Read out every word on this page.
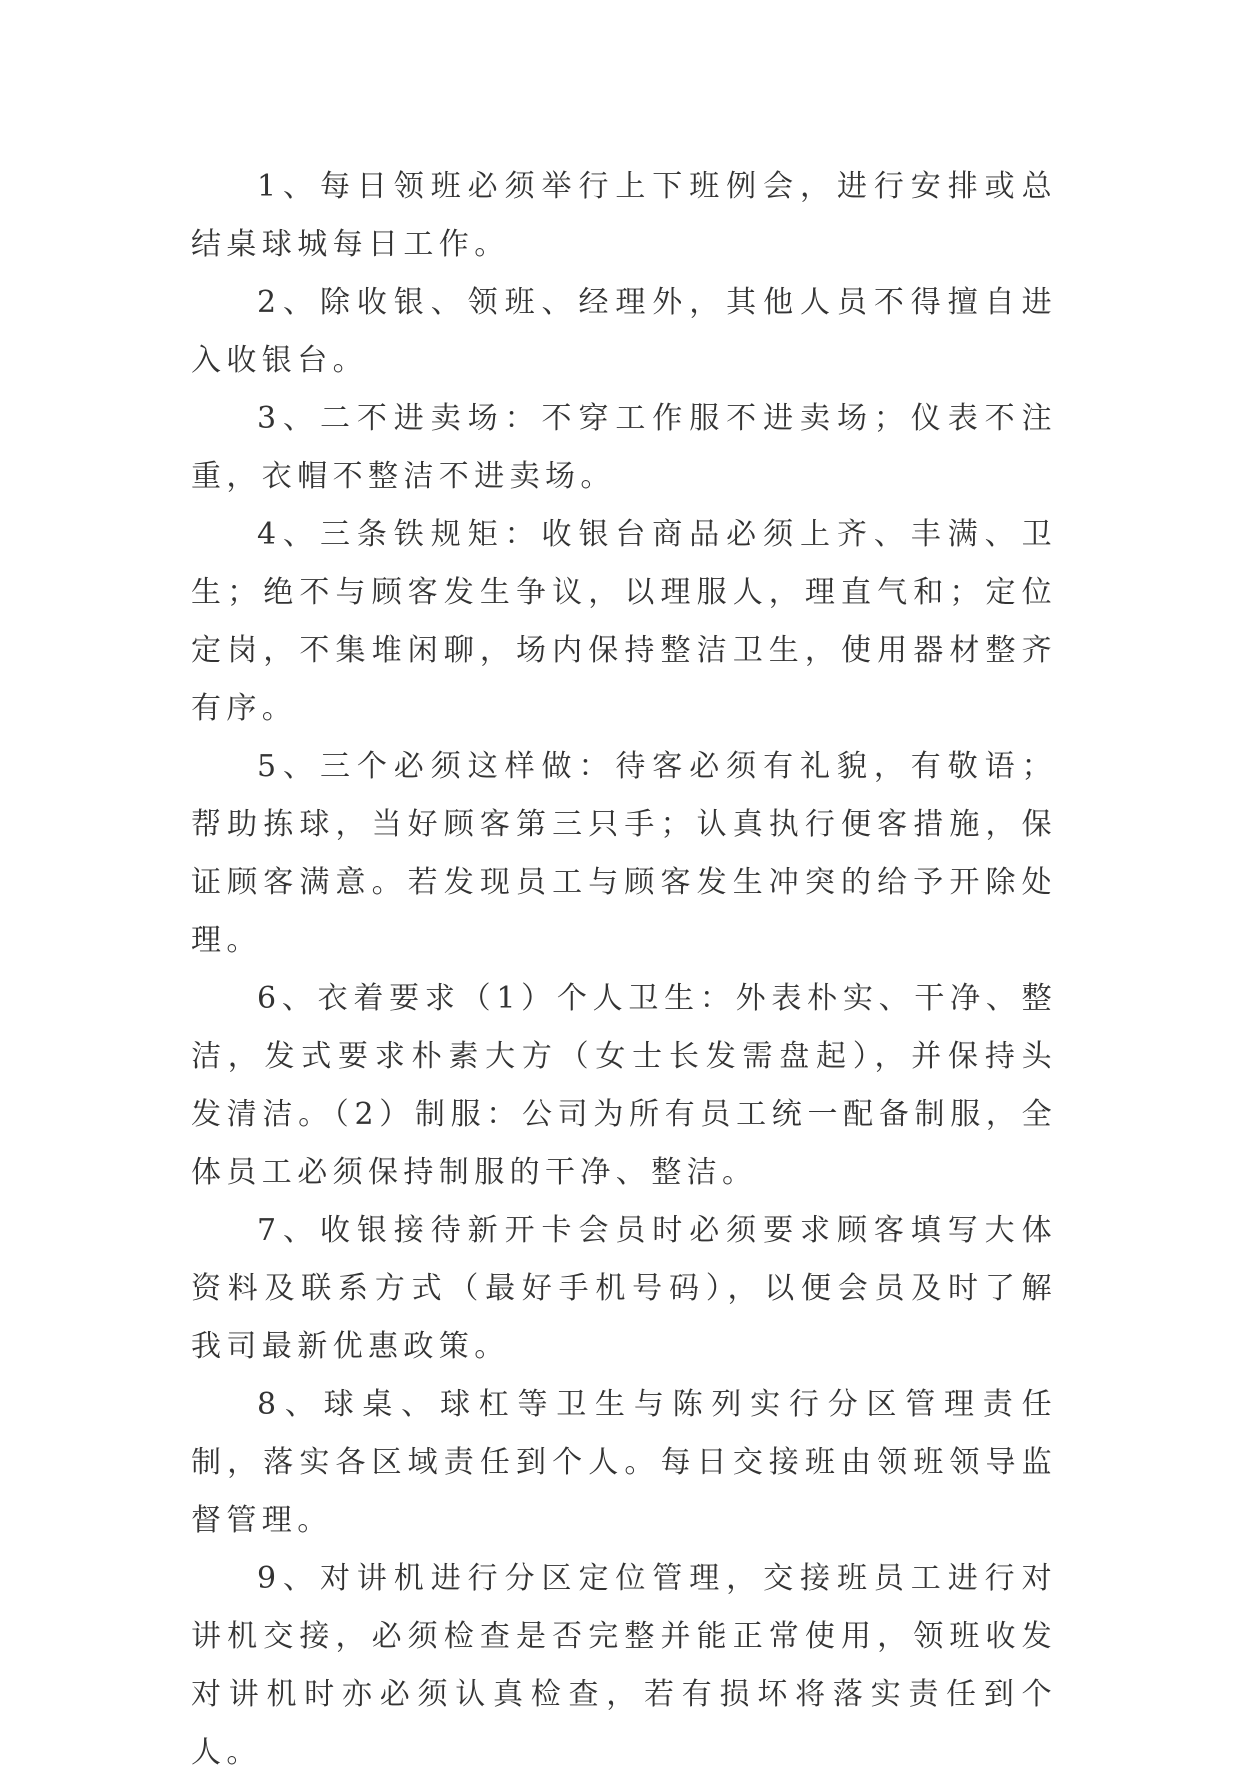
1、每日领班必须举行上下班例会，进行安排或总结桌球城每日工作。

2、除收银、领班、经理外，其他人员不得擅自进入收银台。

3、二不进卖场：不穿工作服不进卖场；仪表不注重，衣帽不整洁不进卖场。

4、三条铁规矩：收银台商品必须上齐、丰满、卫生；绝不与顾客发生争议，以理服人，理直气和；定位定岗，不集堆闲聊，场内保持整洁卫生，使用器材整齐有序。

5、三个必须这样做：待客必须有礼貌，有敬语；帮助拣球，当好顾客第三只手；认真执行便客措施，保证顾客满意。若发现员工与顾客发生冲突的给予开除处理。

6、衣着要求（1）个人卫生：外表朴实、干净、整洁，发式要求朴素大方（女士长发需盘起），并保持头发清洁。（2）制服：公司为所有员工统一配备制服，全体员工必须保持制服的干净、整洁。

7、收银接待新开卡会员时必须要求顾客填写大体资料及联系方式（最好手机号码），以便会员及时了解我司最新优惠政策。

8、球桌、球杠等卫生与陈列实行分区管理责任制，落实各区域责任到个人。每日交接班由领班领导监督管理。

9、对讲机进行分区定位管理，交接班员工进行对讲机交接，必须检查是否完整并能正常使用，领班收发对讲机时亦必须认真检查，若有损坏将落实责任到个人。
